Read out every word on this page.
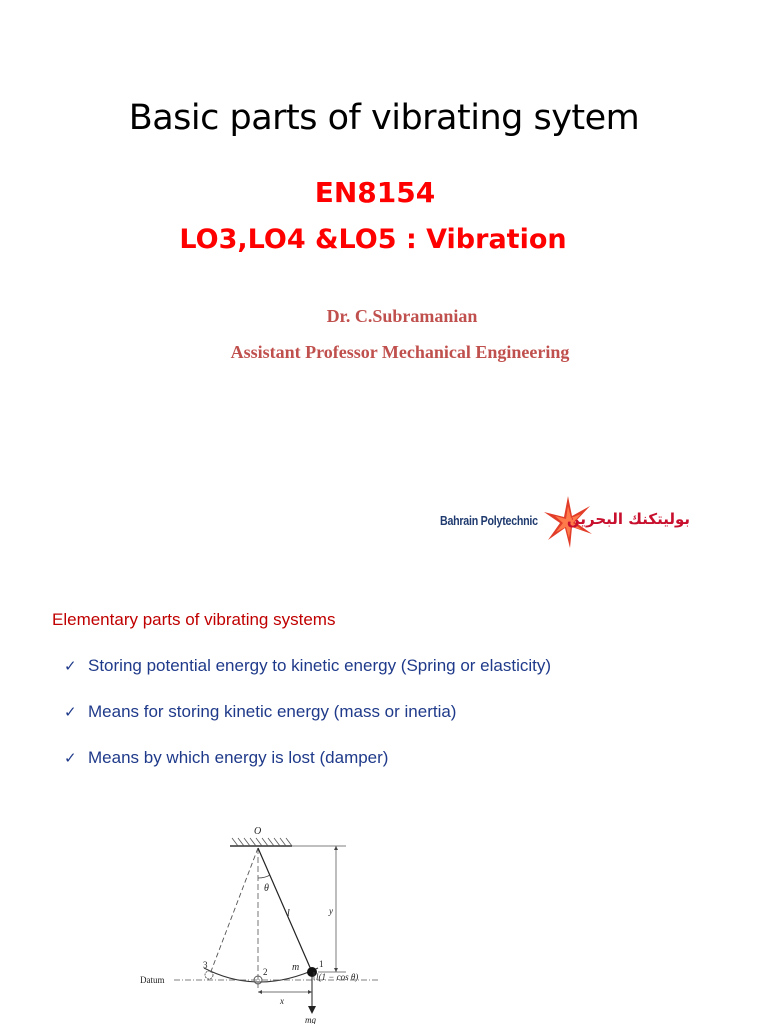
Basic parts of vibrating sytem
EN8154
LO3,LO4 &LO5 : Vibration
Dr. C.Subramanian
Assistant Professor Mechanical Engineering
Bahrain Polytechnic بوليتكنك البحرين
Elementary parts of vibrating systems
✓ Storing potential energy to kinetic energy (Spring or elasticity)
✓ Means for storing kinetic energy (mass or inertia)
✓ Means by which energy is lost (damper)
O
θ
l
Datum
3
2 m 1
mg
x
y
l(1 − cos θ)
